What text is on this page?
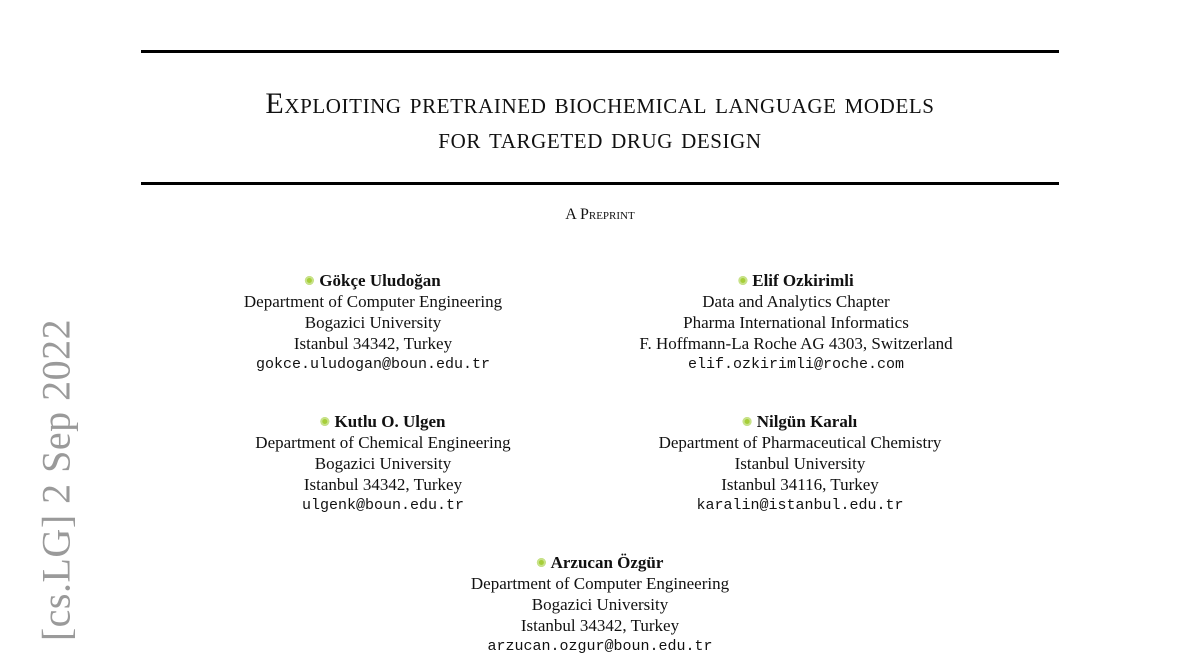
[cs.LG] 2 Sep 2022
Exploiting pretrained biochemical language models
for targeted drug design
A Preprint
Gökçe Uludoğan
Department of Computer Engineering
Bogazici University
Istanbul 34342, Turkey
gokce.uludogan@boun.edu.tr
Elif Ozkirimli
Data and Analytics Chapter
Pharma International Informatics
F. Hoffmann-La Roche AG 4303, Switzerland
elif.ozkirimli@roche.com
Kutlu O. Ulgen
Department of Chemical Engineering
Bogazici University
Istanbul 34342, Turkey
ulgenk@boun.edu.tr
Nilgün Karalı
Department of Pharmaceutical Chemistry
Istanbul University
Istanbul 34116, Turkey
karalin@istanbul.edu.tr
Arzucan Özgür
Department of Computer Engineering
Bogazici University
Istanbul 34342, Turkey
arzucan.ozgur@boun.edu.tr
